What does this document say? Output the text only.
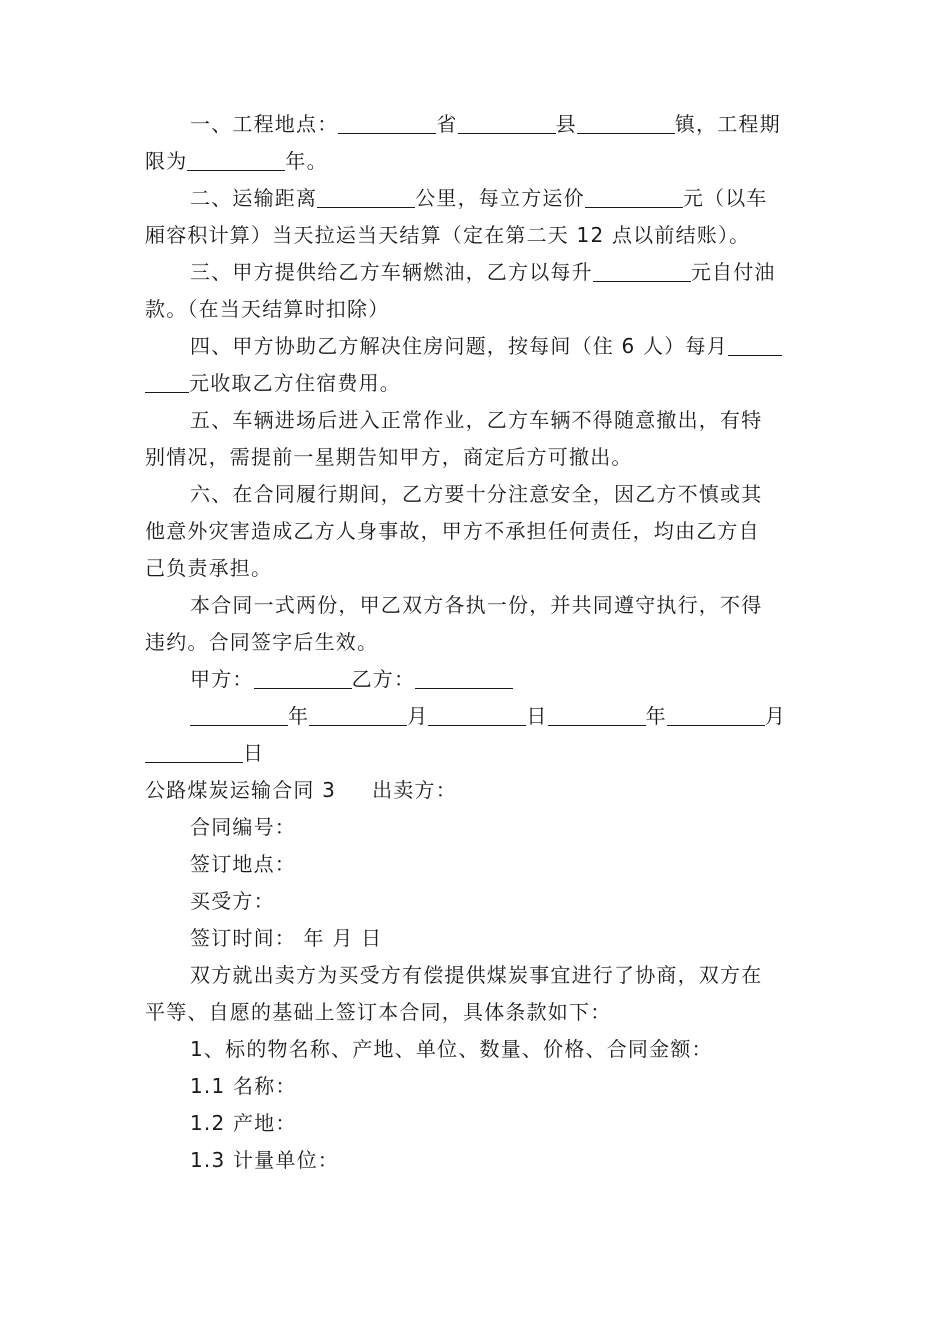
一、工程地点：	省	县	镇，工程期
限为	年。
二、运输距离	公里，每立方运价	元（以车
厢容积计算）当天拉运当天结算（定在第二天 12 点以前结账）。
三、甲方提供给乙方车辆燃油，乙方以每升	元自付油
款。（在当天结算时扣除）
四、甲方协助乙方解决住房问题，按每间（住 6 人）每月
元收取乙方住宿费用。
五、车辆进场后进入正常作业，乙方车辆不得随意撤出，有特
别情况，需提前一星期告知甲方，商定后方可撤出。
六、在合同履行期间，乙方要十分注意安全，因乙方不慎或其
他意外灾害造成乙方人身事故，甲方不承担任何责任，均由乙方自
己负责承担。
本合同一式两份，甲乙双方各执一份，并共同遵守执行，不得
违约。合同签字后生效。
甲方：	乙方：
年	月	日	年	月
日
公路煤炭运输合同 3 出卖方：
合同编号：
签订地点：
买受方：
签订时间： 年 月 日
双方就出卖方为买受方有偿提供煤炭事宜进行了协商，双方在
平等、自愿的基础上签订本合同，具体条款如下：
1、标的物名称、产地、单位、数量、价格、合同金额：
1.1 名称：
1.2 产地：
1.3 计量单位：
